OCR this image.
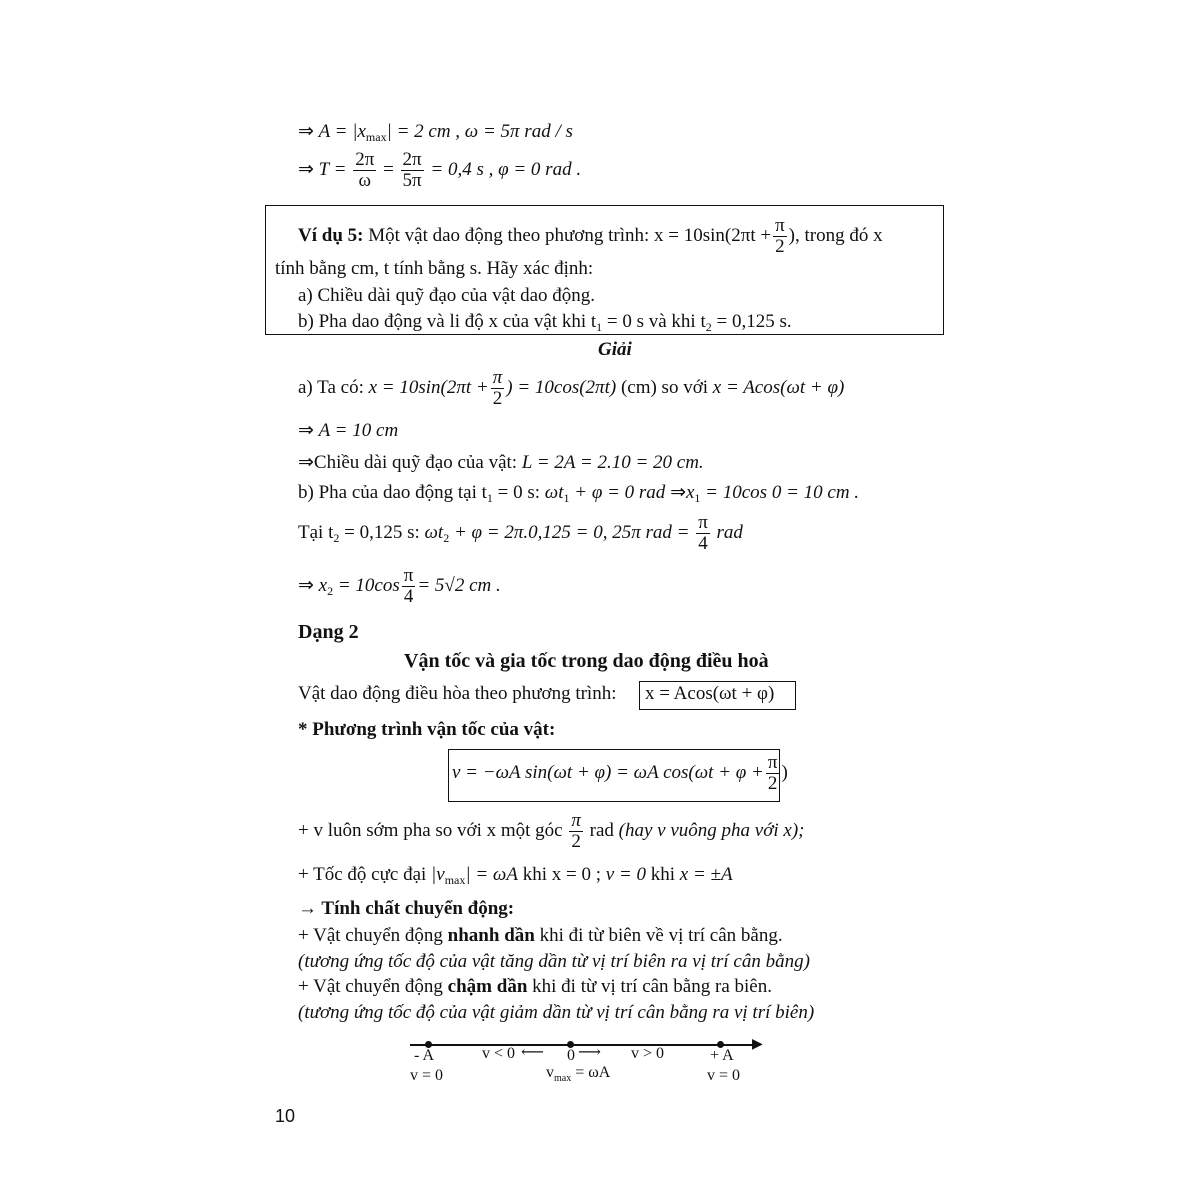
⇒ $A = |x_{max}| = 2$ cm , ω = 5π rad / s
⇒ $T = \frac{2\pi}{\omega} = \frac{2\pi}{5\pi} = 0,4$ s , φ = 0 rad .
Ví dụ 5: Một vật dao động theo phương trình: $x = 10\sin(2\pi t + \frac{\pi}{2}$ ), trong đó x
tính bằng cm, t tính bằng s. Hãy xác định:
a) Chiều dài quỹ đạo của vật dao động.
b) Pha dao động và li độ x của vật khi $t_1 = 0$ s và khi $t_2 = 0,125$ s.
Giải
a) Ta có: $x = 10\sin(2\pi t + \frac{\pi}{2}$ ) = 10cos(2πt) (cm) so với x = Acos(ωt + φ)
⇒ A = 10 cm
⇒Chiều dài quỹ đạo của vật: L = 2A = 2.10 = 20 cm.
b) Pha của dao động tại $t_1 = 0$ s: $\omega t_1 + \varphi = 0$ rad $\Rightarrow x_1 = 10\cos$ 0 = 10 cm .
Tại $t_2 = 0,125$ s: $\omega t_2 + \varphi = 2\pi.0,125 = 0$, 25π rad = $\frac{\pi}{4}$ rad
⇒ $x_2 = 10\cos \frac{\pi}{4} = 5√2$ cm .
Dạng 2
Vận tốc và gia tốc trong dao động điều hoà
Vật dao động điều hòa theo phương trình: x = Acos(ωt + φ)
* Phương trình vận tốc của vật:
v = −ωA sin(ωt + φ) = ωA $\cos(\omega t + \varphi + \frac{\pi}{2}$ )
+ v luôn sớm pha so với x một góc $\frac{\pi}{2}$ rad (hay v vuông pha với x);
+ Tốc độ cực đại $|v_{max}| = \omega A$ khi x = 0 ; v = 0 khi x = ±A
→ Tính chất chuyển động:
+ Vật chuyển động nhanh dần khi đi từ biên về vị trí cân bằng.
(tương ứng tốc độ của vật tăng dần từ vị trí biên ra vị trí cân bằng)
+ Vật chuyển động chậm dần khi đi từ vị trí cân bằng ra biên.
(tương ứng tốc độ của vật giảm dần từ vị trí cân bằng ra vị trí biên)
▶
- A
v = 0
v < 0 ⟵ 0 ⟶ v > 0
$v_{max} = \omega A$
+ A
v = 0
10
